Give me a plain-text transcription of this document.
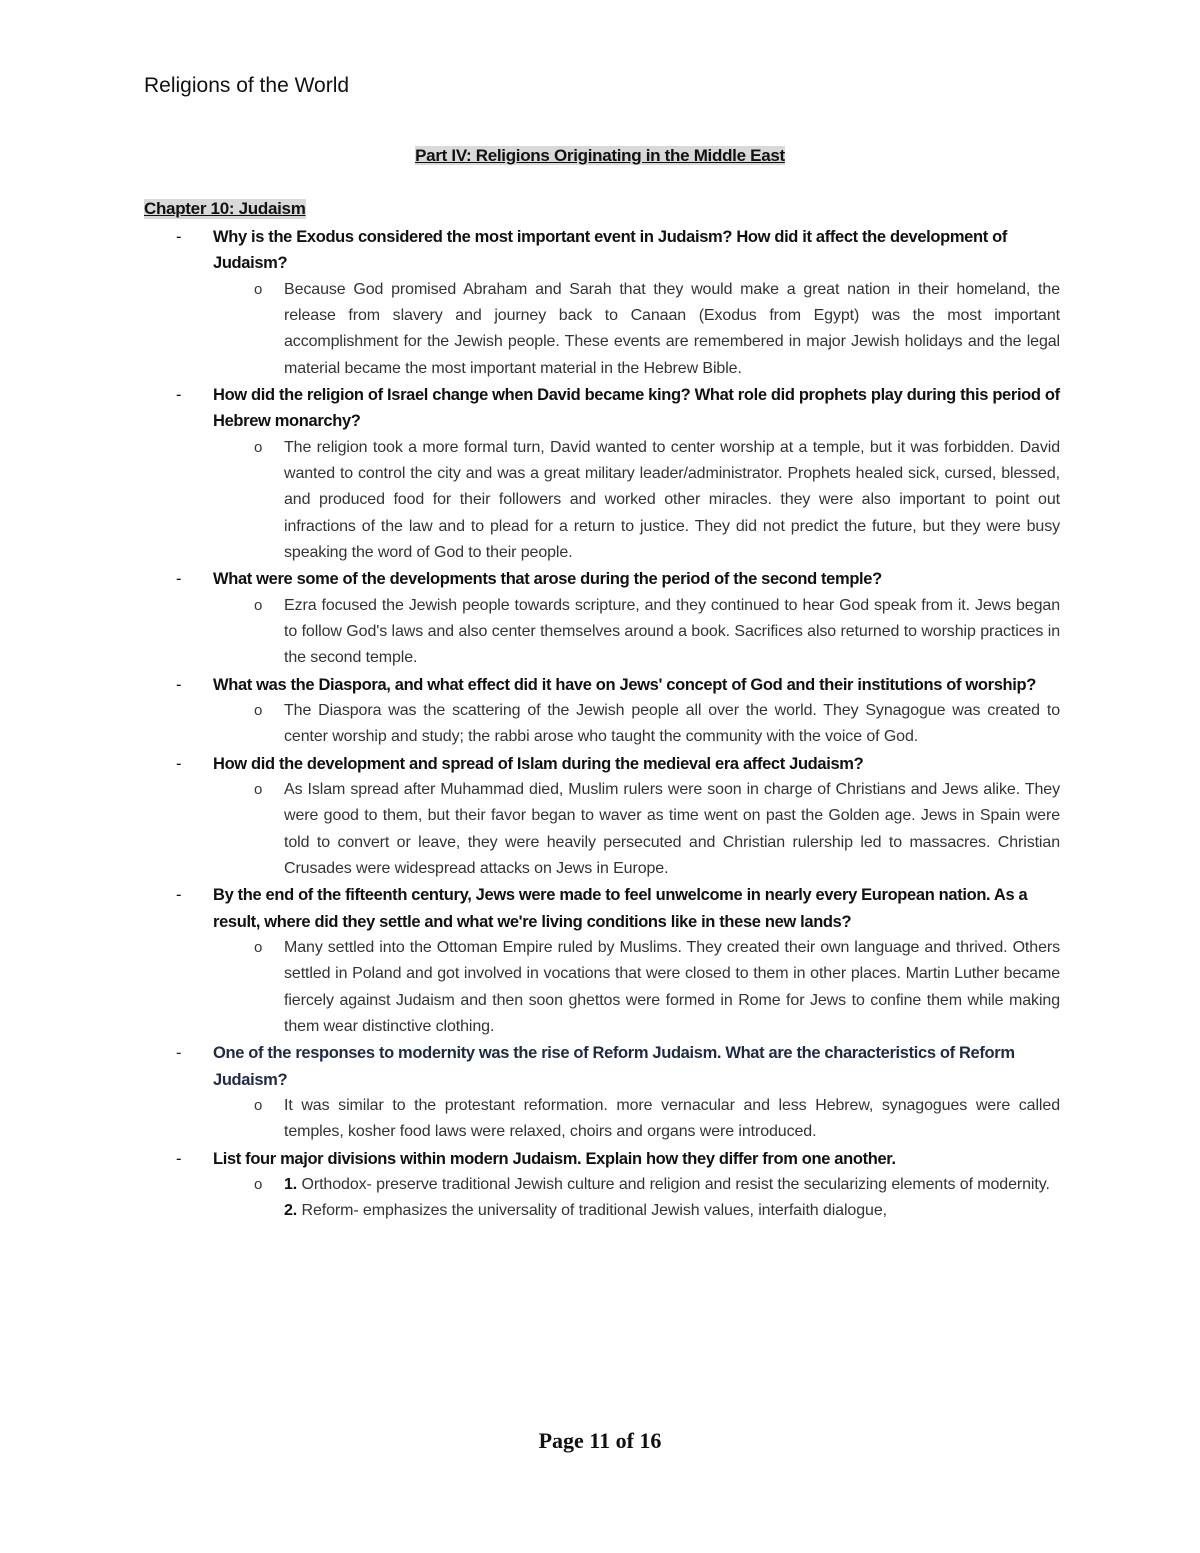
Religions of the World
Part IV: Religions Originating in the Middle East
Chapter 10: Judaism
- Why is the Exodus considered the most important event in Judaism? How did it affect the development of Judaism?
o Because God promised Abraham and Sarah that they would make a great nation in their homeland, the release from slavery and journey back to Canaan (Exodus from Egypt) was the most important accomplishment for the Jewish people. These events are remembered in major Jewish holidays and the legal material became the most important material in the Hebrew Bible.

- How did the religion of Israel change when David became king? What role did prophets play during this period of Hebrew monarchy?
o The religion took a more formal turn, David wanted to center worship at a temple, but it was forbidden. David wanted to control the city and was a great military leader/administrator. Prophets healed sick, cursed, blessed, and produced food for their followers and worked other miracles. they were also important to point out infractions of the law and to plead for a return to justice. They did not predict the future, but they were busy speaking the word of God to their people.

- What were some of the developments that arose during the period of the second temple?
o Ezra focused the Jewish people towards scripture, and they continued to hear God speak from it. Jews began to follow God's laws and also center themselves around a book. Sacrifices also returned to worship practices in the second temple.

- What was the Diaspora, and what effect did it have on Jews' concept of God and their institutions of worship?
o The Diaspora was the scattering of the Jewish people all over the world. They Synagogue was created to center worship and study; the rabbi arose who taught the community with the voice of God.

- How did the development and spread of Islam during the medieval era affect Judaism?
o As Islam spread after Muhammad died, Muslim rulers were soon in charge of Christians and Jews alike. They were good to them, but their favor began to waver as time went on past the Golden age. Jews in Spain were told to convert or leave, they were heavily persecuted and Christian rulership led to massacres. Christian Crusades were widespread attacks on Jews in Europe.

- By the end of the fifteenth century, Jews were made to feel unwelcome in nearly every European nation. As a result, where did they settle and what we're living conditions like in these new lands?
o Many settled into the Ottoman Empire ruled by Muslims. They created their own language and thrived. Others settled in Poland and got involved in vocations that were closed to them in other places. Martin Luther became fiercely against Judaism and then soon ghettos were formed in Rome for Jews to confine them while making them wear distinctive clothing.

- One of the responses to modernity was the rise of Reform Judaism. What are the characteristics of Reform Judaism?
o It was similar to the protestant reformation. more vernacular and less Hebrew, synagogues were called temples, kosher food laws were relaxed, choirs and organs were introduced.

- List four major divisions within modern Judaism. Explain how they differ from one another.
o 1. Orthodox- preserve traditional Jewish culture and religion and resist the secularizing elements of modernity.

2. Reform- emphasizes the universality of traditional Jewish values, interfaith dialogue,

Page 11 of 16
